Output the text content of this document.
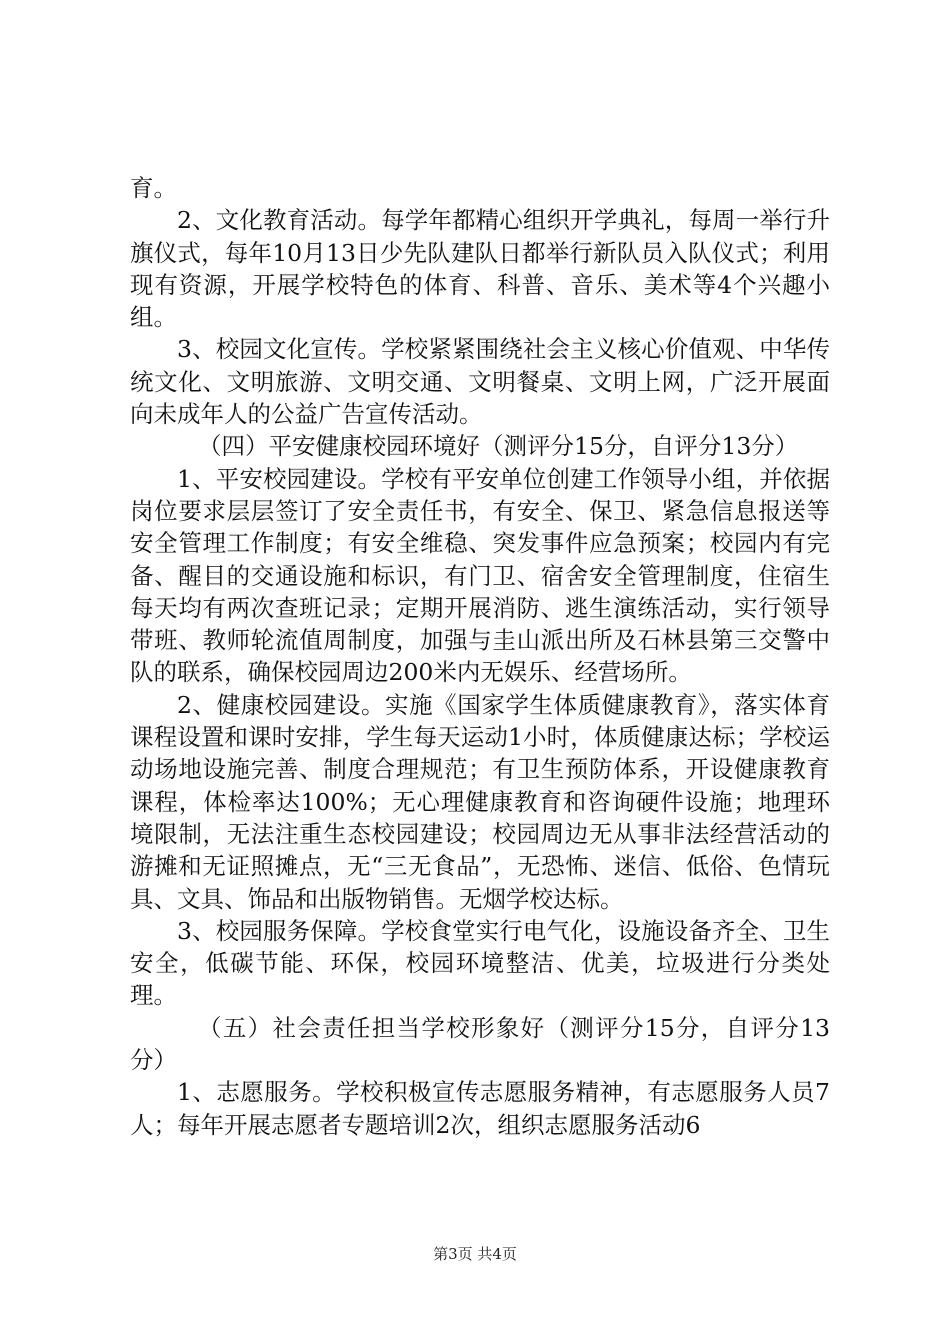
育。

2、文化教育活动。每学年都精心组织开学典礼，每周一举行升旗仪式，每年10月13日少先队建队日都举行新队员入队仪式；利用现有资源，开展学校特色的体育、科普、音乐、美术等4个兴趣小组。

3、校园文化宣传。学校紧紧围绕社会主义核心价值观、中华传统文化、文明旅游、文明交通、文明餐桌、文明上网，广泛开展面向未成年人的公益广告宣传活动。

（四）平安健康校园环境好（测评分15分，自评分13分）

1、平安校园建设。学校有平安单位创建工作领导小组，并依据岗位要求层层签订了安全责任书，有安全、保卫、紧急信息报送等安全管理工作制度；有安全维稳、突发事件应急预案；校园内有完备、醒目的交通设施和标识，有门卫、宿舍安全管理制度，住宿生每天均有两次查班记录；定期开展消防、逃生演练活动，实行领导带班、教师轮流值周制度，加强与圭山派出所及石林县第三交警中队的联系，确保校园周边200米内无娱乐、经营场所。

2、健康校园建设。实施《国家学生体质健康教育》，落实体育课程设置和课时安排，学生每天运动1小时，体质健康达标；学校运动场地设施完善、制度合理规范；有卫生预防体系，开设健康教育课程，体检率达100%；无心理健康教育和咨询硬件设施；地理环境限制，无法注重生态校园建设；校园周边无从事非法经营活动的游摊和无证照摊点，无“三无食品”，无恐怖、迷信、低俗、色情玩具、文具、饰品和出版物销售。无烟学校达标。

3、校园服务保障。学校食堂实行电气化，设施设备齐全、卫生安全，低碳节能、环保，校园环境整洁、优美，垃圾进行分类处理。

（五）社会责任担当学校形象好（测评分15分，自评分13分）

1、志愿服务。学校积极宣传志愿服务精神，有志愿服务人员7人；每年开展志愿者专题培训2次，组织志愿服务活动6

第3页 共4页
